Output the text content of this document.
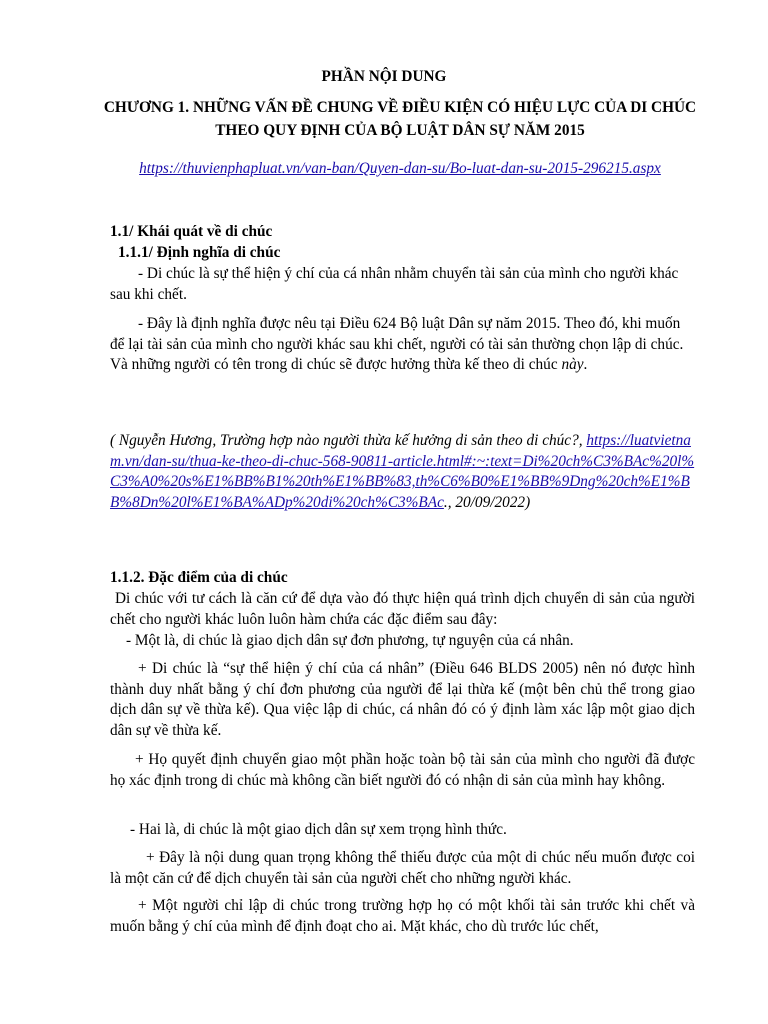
PHẦN NỘI DUNG
CHƯƠNG 1. NHỮNG VẤN ĐỀ CHUNG VỀ ĐIỀU KIỆN CÓ HIỆU LỰC CỦA DI CHÚC THEO QUY ĐỊNH CỦA BỘ LUẬT DÂN SỰ NĂM 2015
https://thuvienphapluat.vn/van-ban/Quyen-dan-su/Bo-luat-dan-su-2015-296215.aspx
1.1/ Khái quát về di chúc
1.1.1/ Định nghĩa di chúc
- Di chúc là sự thể hiện ý chí của cá nhân nhằm chuyển tài sản của mình cho người khác sau khi chết.
- Đây là định nghĩa được nêu tại Điều 624 Bộ luật Dân sự năm 2015. Theo đó, khi muốn để lại tài sản của mình cho người khác sau khi chết, người có tài sản thường chọn lập di chúc. Và những người có tên trong di chúc sẽ được hưởng thừa kế theo di chúc này.
( Nguyễn Hương, Trường hợp nào người thừa kế hưởng di sản theo di chúc?, https://luatvietnam.vn/dan-su/thua-ke-theo-di-chuc-568-90811-article.html#:~:text=Di%20ch%C3%BAc%20l%C3%A0%20s%E1%BB%B1%20th%E1%BB%83,th%C6%B0%E1%BB%9Dng%20ch%E1%BB%8Dn%20l%E1%BA%ADp%20di%20ch%C3%BAc., 20/09/2022)
1.1.2. Đặc điểm của di chúc
Di chúc với tư cách là căn cứ để dựa vào đó thực hiện quá trình dịch chuyển di sản của người chết cho người khác luôn luôn hàm chứa các đặc điểm sau đây:
- Một là, di chúc là giao dịch dân sự đơn phương, tự nguyện của cá nhân.
+ Di chúc là “sự thể hiện ý chí của cá nhân” (Điều 646 BLDS 2005) nên nó được hình thành duy nhất bằng ý chí đơn phương của người để lại thừa kế (một bên chủ thể trong giao dịch dân sự về thừa kế). Qua việc lập di chúc, cá nhân đó có ý định làm xác lập một giao dịch dân sự về thừa kế.
+ Họ quyết định chuyển giao một phần hoặc toàn bộ tài sản của mình cho người đã được họ xác định trong di chúc mà không cần biết người đó có nhận di sản của mình hay không.
- Hai là, di chúc là một giao dịch dân sự xem trọng hình thức.
+ Đây là nội dung quan trọng không thể thiếu được của một di chúc nếu muốn được coi là một căn cứ để dịch chuyển tài sản của người chết cho những người khác.
+ Một người chỉ lập di chúc trong trường hợp họ có một khối tài sản trước khi chết và muốn bằng ý chí của mình để định đoạt cho ai. Mặt khác, cho dù trước lúc chết,
